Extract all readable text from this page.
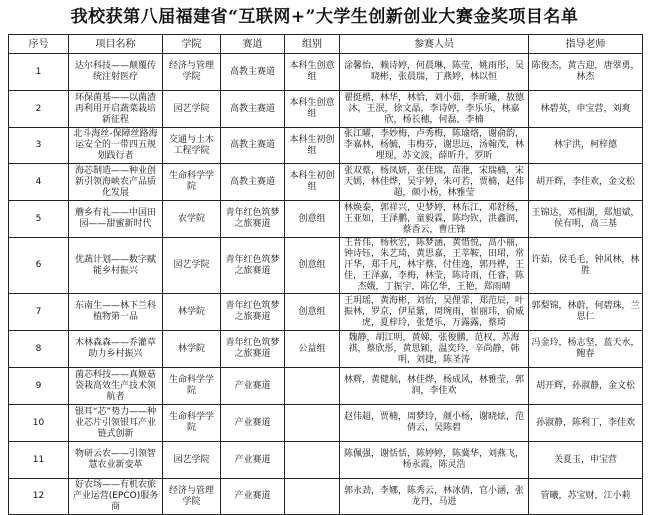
我校获第八届福建省“互联网+”大学生创新创业大赛金奖项目名单
序号	项目名称	学院	赛道	组别	参赛人员	指导老师
1	达尔科技——颠覆传统注射医疗	经济与管理学院	高教主赛道	本科生创意组	涂馨怡，赖诗婷，何晨琳，陈莹，姚雨彤，吴晓彬，张晨瑞，丁燕婷，林以恒	陈俊杰，黄吉迎，唐翠勇，林杰
2	环保菌基——以菌渣再利用开启蔬菜栽培新征程	园艺学院	高教主赛道	本科生创意组	翟挺楷，林华，林恰，刘小茹，李昕曦，敖德沐，王泯，徐文晶，李诗婷，李乐乐，林嘉欣，杨长穗，何磊，李楠	林碧英，申宝营，刘爽
3	北斗海丝-保障丝路海运安全的一带四五规划践行者	交通与土木工程学院	高教主赛道	本科生初创组	张江曜，李妙梅，卢秀梅，陈瑜烙，谢俞韵，李嘉林，杨毓，韦梅芬，谢思远，汤翰茂，林埋现，苏文波，薛昕升，罗昕	林宇洪，柯梓德
4	海芯制造——种业创新引领海峡农产品质化发展	生命科学学院	高教主赛道	本科生初创组	张双蔡，杨凤妍，张佳瑞，苗滟，宋瑞楠，宋天嫣，林佳烨，吴宇婷，朱可若，贾楠，赵伟超，颜小杨，林雅莹	胡开辉，李佳欢，金文松
5	蘑乡有礼——中国田园——甜蜜新时代	农学院	青年红色筑梦之旅赛道	创意组	林焕泰，郭祥兴，史梦婷，林东江，邓舒杨，王亚如，王泽鹏，童毅霖，陈均钦，洪鑫润，蔡香云，曹庄锋	王锦达，邓相湖，郑旭斌，侯有明，高三基
6	优蔬计划——数字赋能乡村振兴	园艺学院	青年红色筑梦之旅赛道	创意组	王晋伟，杨秋宏，陈梦涵，黄惜悦，高小丽，钟诗钰，朱艺琦，黄思嘉，王莘鞍，田珺，常汗华，郑千凡，林宇蔡，付佳逸，郭丹桦，王佳，王泽嘉，李梅，林莹，陈诗雨，任睿，陈杰娥，丁振宇，陈亿华，王艳，郑雨晴	许茹，侯毛毛，钟风林，林胜
7	东南生——林下兰科植物第一品	林学院	青年红色筑梦之旅赛道	创意组	王玥瑶，黄海彬，刘怡，吴俚霏，郑范辰，叶振林，罗京，伊星紫，周琬雨，崔丽玮，俞威虎，夏梓玲，张楚乐，万露露，蔡琦	郭梨锦，林蔚，何碧珠，兰思仁
8	木林森森——乔灌草助力乡村振兴	林学院	青年红色筑梦之旅赛道	公益组	魏静，胡江明，黄娣，张俊鹏，范权，苏海祺，蔡欣彤，黄思颖，温奕玲，辛尚静，韩明，刘捷，陈圣涛	冯金玲，杨志坚，蓝天水，鲍春
9	菌芯科技——真姬菇袋栽高效生产技术领航者	生命科学学院	产业赛道		林辉，黄健航，林佳烨，杨成风，林雅莹，郭润，李佳欢	胡开辉，孙淑静，金文松
10	银耳“芯”势力——种业芯片引领银耳产业链式创新	生命科学学院	产业赛道		赵伟超，贾楠，周梦玲，颜小杨，谢晓炫，范倩云，吴陈碧	孙淑静，陈利丁，李佳欢
11	物研云农——引领智慧农业新变革	园艺学院	产业赛道		陈佩强，谢恬恬，陈婷婷，陈冀华，刘燕飞，杨永霞，陈灵浩	关夏玉，申宝营
12	好农场——有机农旅产业运营(EPCO)服务商	经济与管理学院	产业赛道		郭永劲，李娜，陈秀云，林冰倩，官小涵，张龙丹，马进	管曦，苏宝财，江小莉
